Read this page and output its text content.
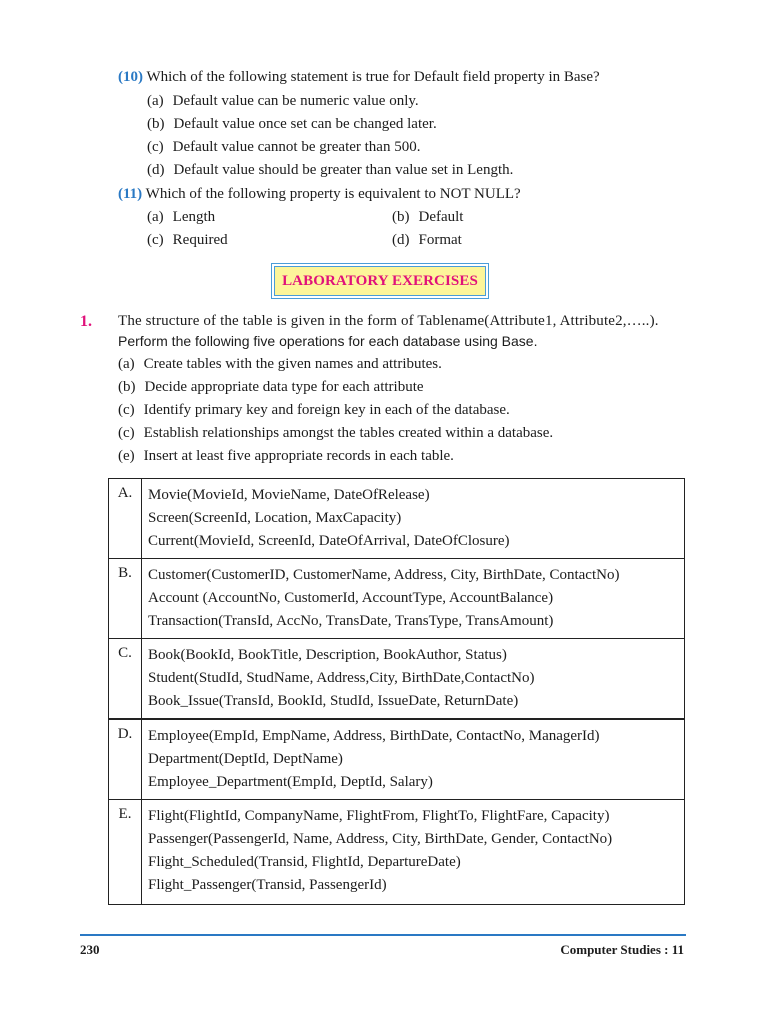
(10) Which of the following statement is true for Default field property in Base?
(a) Default value can be numeric value only.
(b) Default value once set can be changed later.
(c) Default value cannot be greater than 500.
(d) Default value should be greater than value set in Length.
(11) Which of the following property is equivalent to NOT NULL?
(a) Length	(b) Default
(c) Required	(d) Format
LABORATORY EXERCISES
1. The structure of the table is given in the form of Tablename(Attribute1, Attribute2,…..).
Perform the following five operations for each database using Base.
(a) Create tables with the given names and attributes.
(b) Decide appropriate data type for each attribute
(c) Identify primary key and foreign key in each of the database.
(c) Establish relationships amongst the tables created within a database.
(e) Insert at least five appropriate records in each table.
A.	Movie(MovieId, MovieName, DateOfRelease)
Screen(ScreenId, Location, MaxCapacity)
Current(MovieId, ScreenId, DateOfArrival, DateOfClosure)

B.	Customer(CustomerID, CustomerName, Address, City, BirthDate, ContactNo)
Account (AccountNo, CustomerId, AccountType, AccountBalance)
Transaction(TransId, AccNo, TransDate, TransType, TransAmount)

C.	Book(BookId, BookTitle, Description, BookAuthor, Status)
Student(StudId, StudName, Address,City, BirthDate,ContactNo)
Book_Issue(TransId, BookId, StudId, IssueDate, ReturnDate)

D.	Employee(EmpId, EmpName, Address, BirthDate, ContactNo, ManagerId)
Department(DeptId, DeptName)
Employee_Department(EmpId, DeptId, Salary)

E.	Flight(FlightId, CompanyName, FlightFrom, FlightTo, FlightFare, Capacity)
Passenger(PassengerId, Name, Address, City, BirthDate, Gender, ContactNo)
Flight_Scheduled(Transid, FlightId, DepartureDate)
Flight_Passenger(Transid, PassengerId)
230	Computer Studies : 11
